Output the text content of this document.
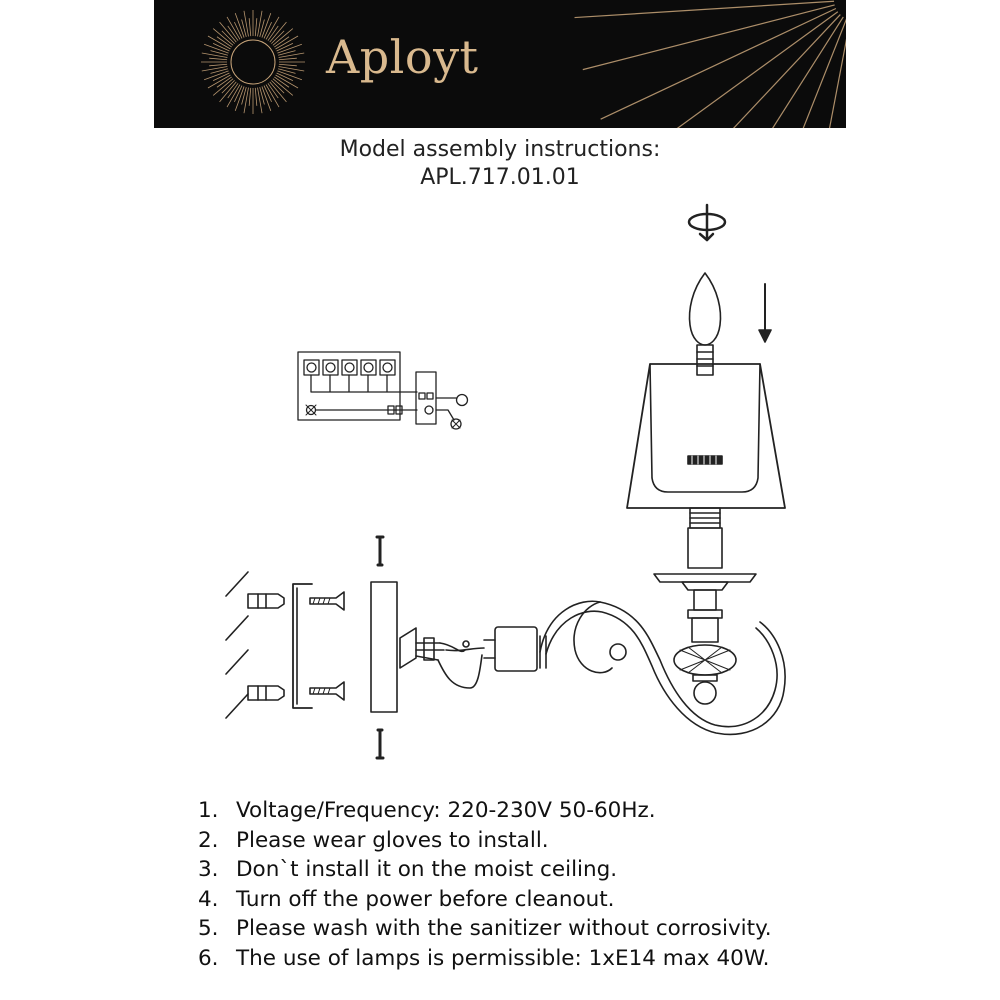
Aployt
Model assembly instructions:
APL.717.01.01
1. Voltage/Frequency: 220-230V 50-60Hz.
2. Please wear gloves to install.
3. Don`t install it on the moist ceiling.
4. Turn off the power before cleanout.
5. Please wash with the sanitizer without corrosivity.
6. The use of lamps is permissible: 1xE14 max 40W.
